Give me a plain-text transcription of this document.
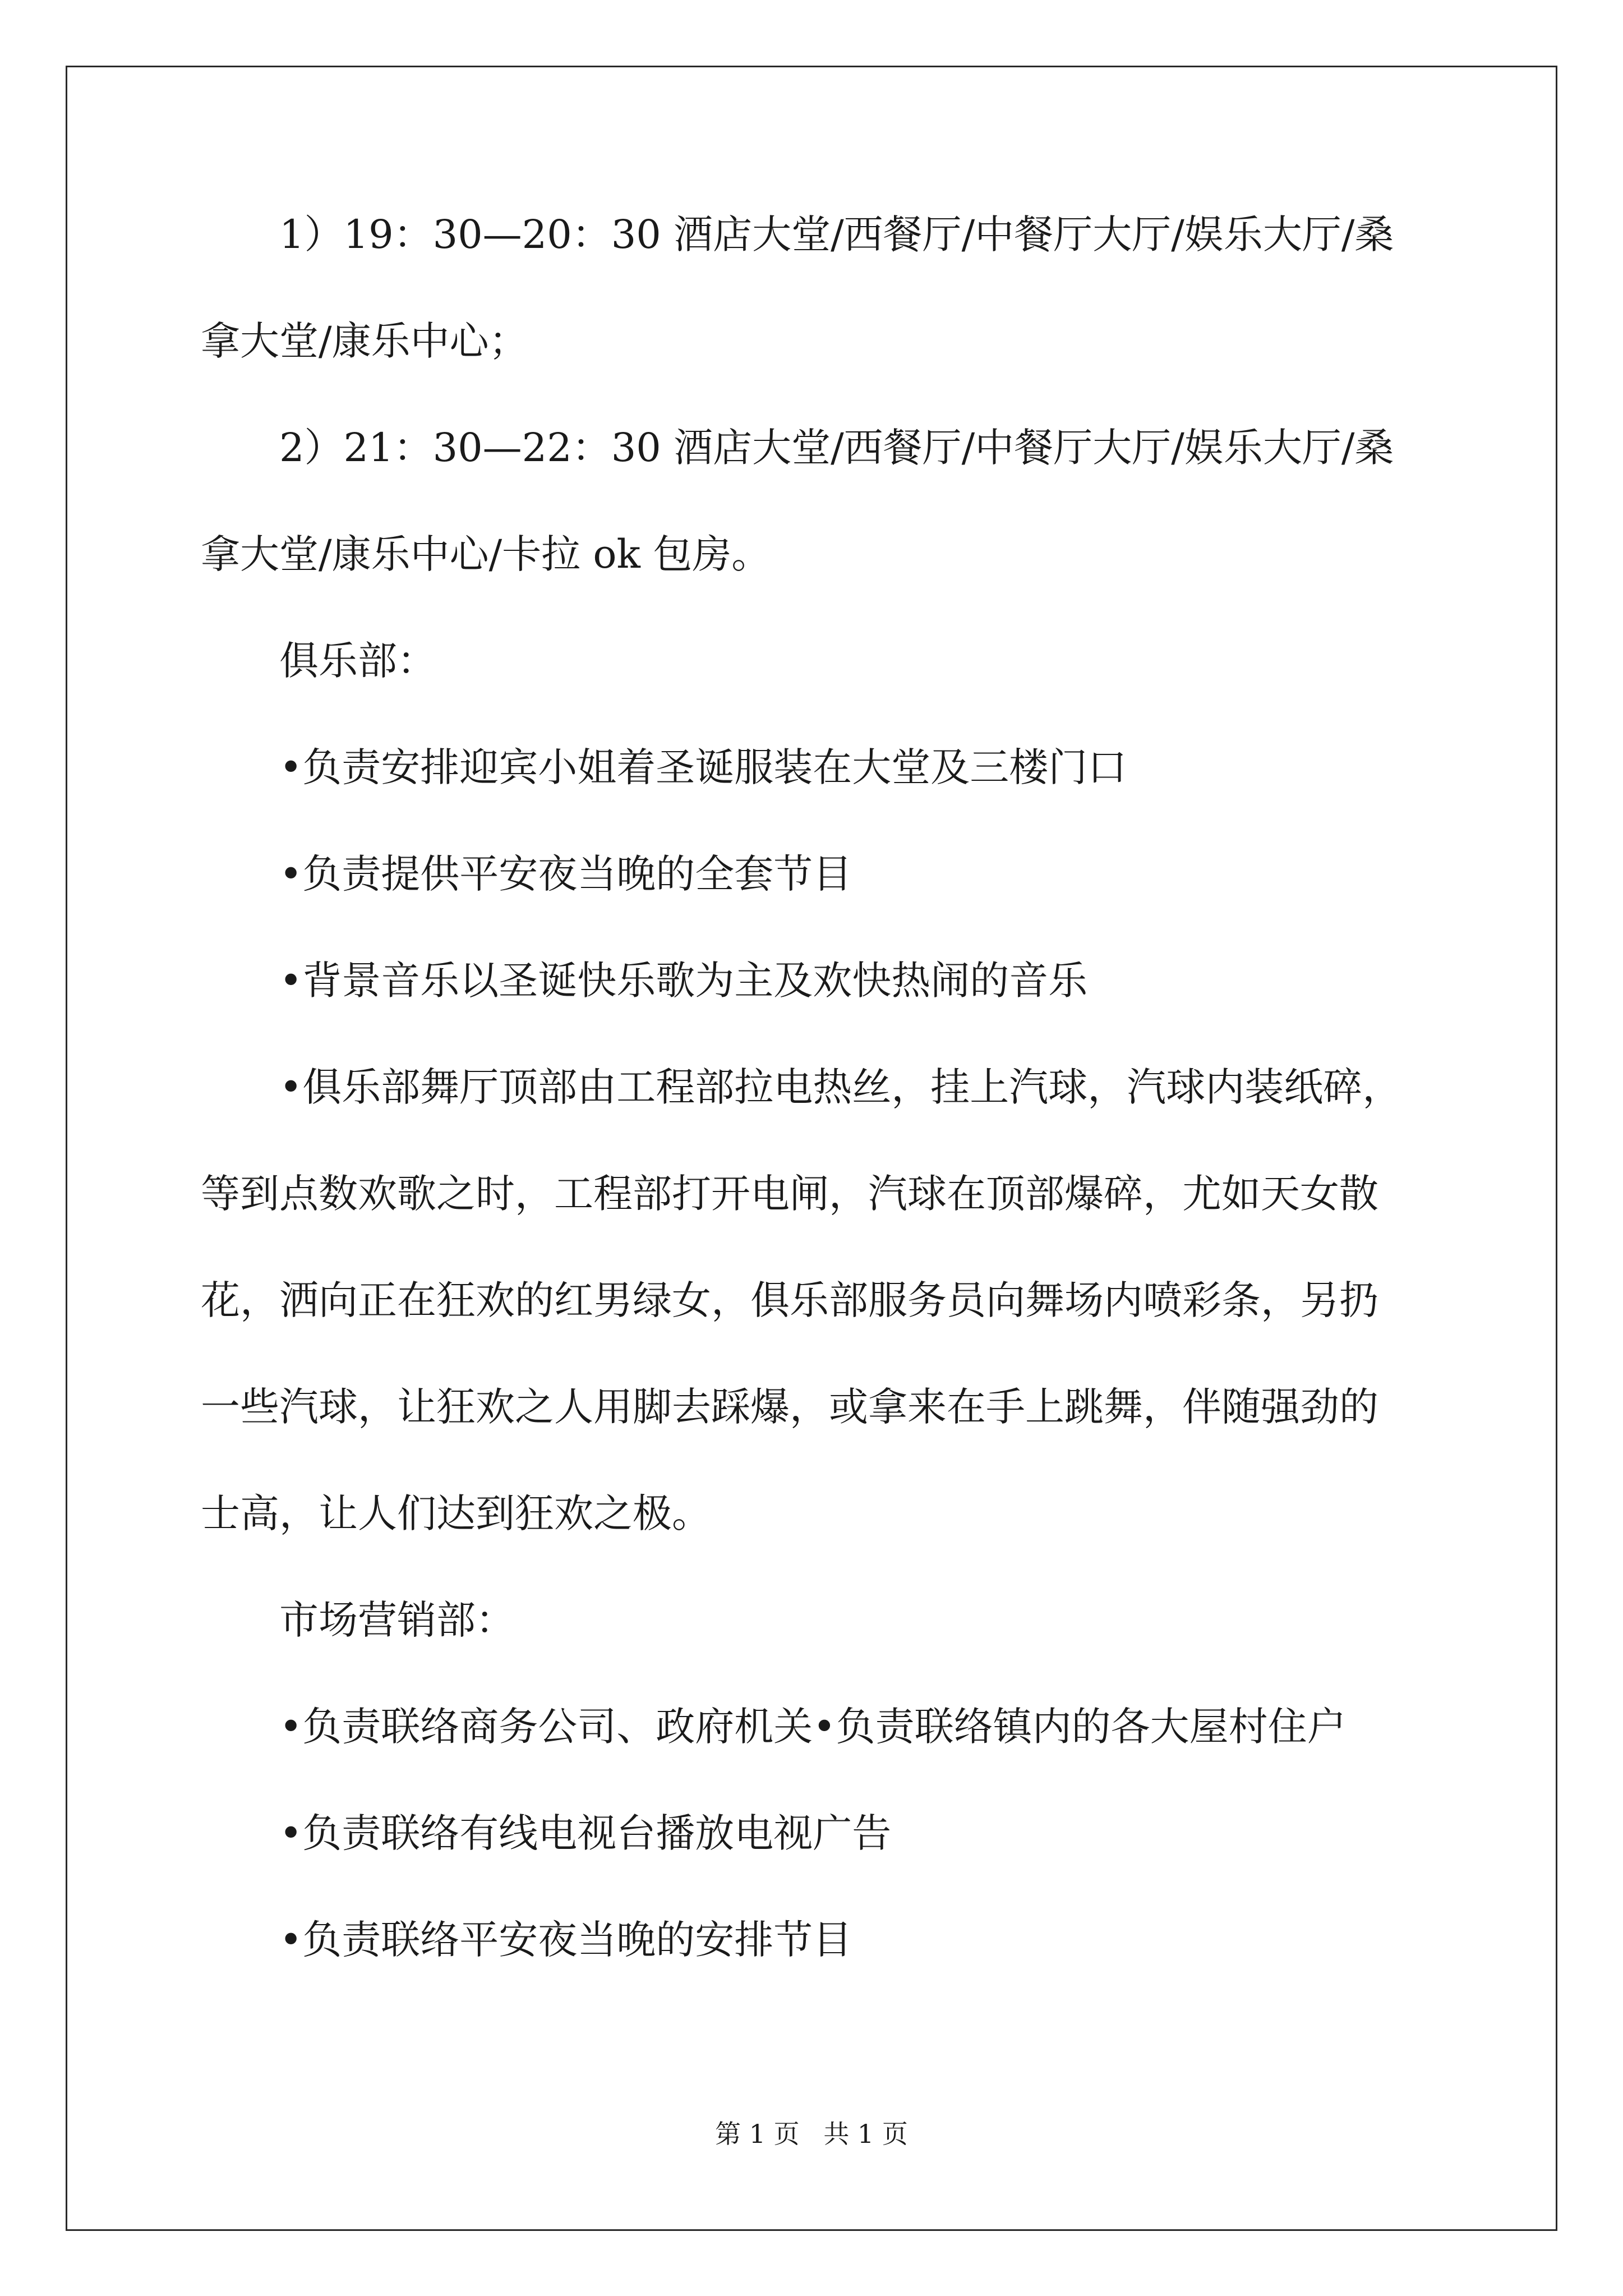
1）19：30—20：30 酒店大堂/西餐厅/中餐厅大厅/娱乐大厅/桑

拿大堂/康乐中心；

2）21：30—22：30 酒店大堂/西餐厅/中餐厅大厅/娱乐大厅/桑

拿大堂/康乐中心/卡拉 ok 包房。

俱乐部：

•负责安排迎宾小姐着圣诞服装在大堂及三楼门口

•负责提供平安夜当晚的全套节目

•背景音乐以圣诞快乐歌为主及欢快热闹的音乐

•俱乐部舞厅顶部由工程部拉电热丝，挂上汽球，汽球内装纸碎，

等到点数欢歌之时，工程部打开电闸，汽球在顶部爆碎，尤如天女散

花，洒向正在狂欢的红男绿女，俱乐部服务员向舞场内喷彩条，另扔

一些汽球，让狂欢之人用脚去踩爆，或拿来在手上跳舞，伴随强劲的

士高，让人们达到狂欢之极。

市场营销部：

•负责联络商务公司、政府机关•负责联络镇内的各大屋村住户

•负责联络有线电视台播放电视广告

•负责联络平安夜当晚的安排节目

第 1 页 共 1 页
